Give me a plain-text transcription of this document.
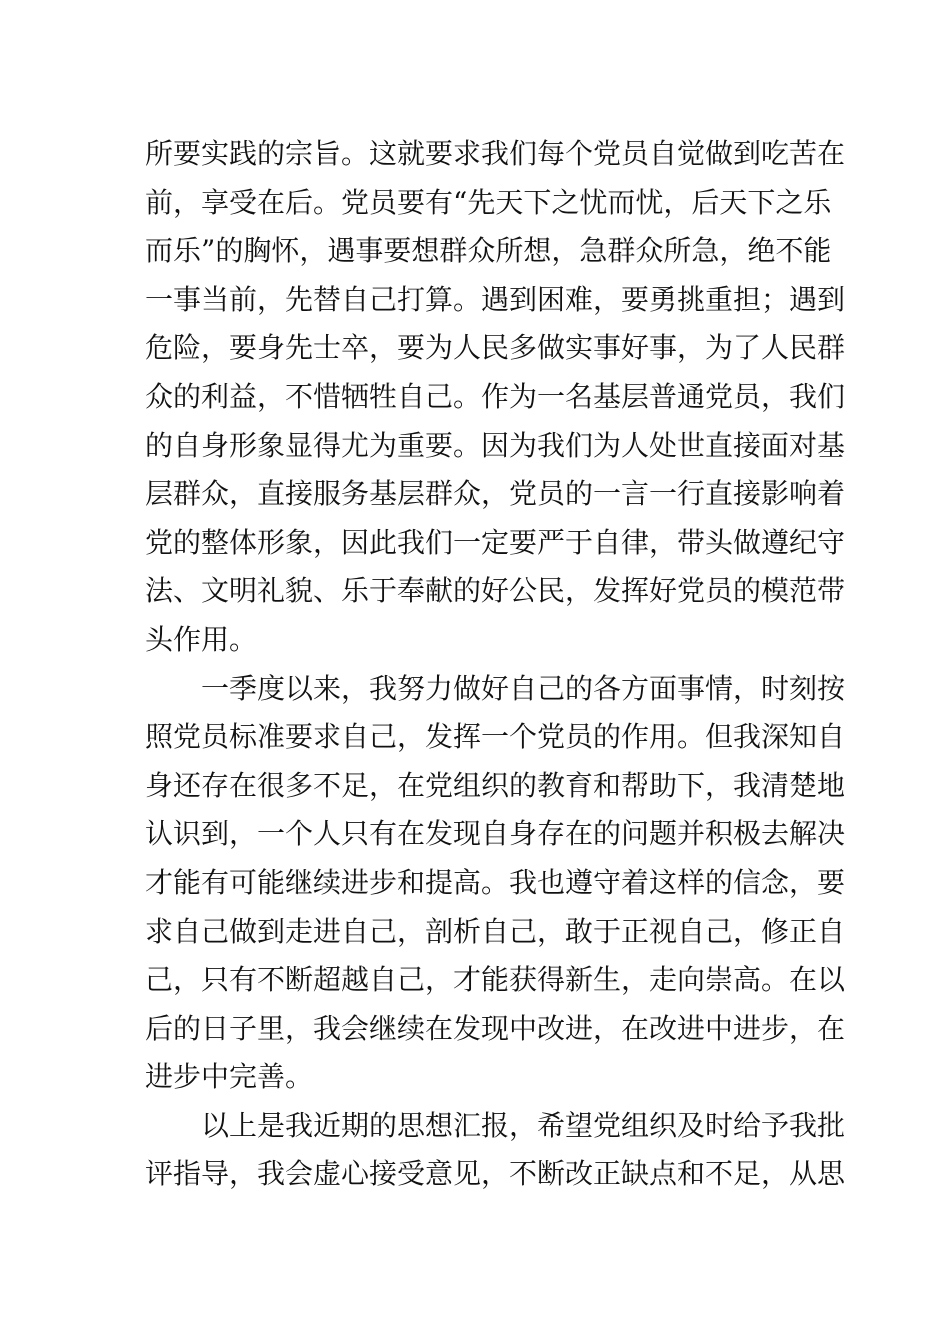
所要实践的宗旨。这就要求我们每个党员自觉做到吃苦在
前，享受在后。党员要有“先天下之忧而忧，后天下之乐
而乐”的胸怀，遇事要想群众所想，急群众所急，绝不能
一事当前，先替自己打算。遇到困难，要勇挑重担；遇到
危险，要身先士卒，要为人民多做实事好事，为了人民群
众的利益，不惜牺牲自己。作为一名基层普通党员，我们
的自身形象显得尤为重要。因为我们为人处世直接面对基
层群众，直接服务基层群众，党员的一言一行直接影响着
党的整体形象，因此我们一定要严于自律，带头做遵纪守
法、文明礼貌、乐于奉献的好公民，发挥好党员的模范带
头作用。
一季度以来，我努力做好自己的各方面事情，时刻按
照党员标准要求自己，发挥一个党员的作用。但我深知自
身还存在很多不足，在党组织的教育和帮助下，我清楚地
认识到，一个人只有在发现自身存在的问题并积极去解决
才能有可能继续进步和提高。我也遵守着这样的信念，要
求自己做到走进自己，剖析自己，敢于正视自己，修正自
己，只有不断超越自己，才能获得新生，走向崇高。在以
后的日子里，我会继续在发现中改进，在改进中进步，在
进步中完善。
以上是我近期的思想汇报，希望党组织及时给予我批
评指导，我会虚心接受意见，不断改正缺点和不足，从思
